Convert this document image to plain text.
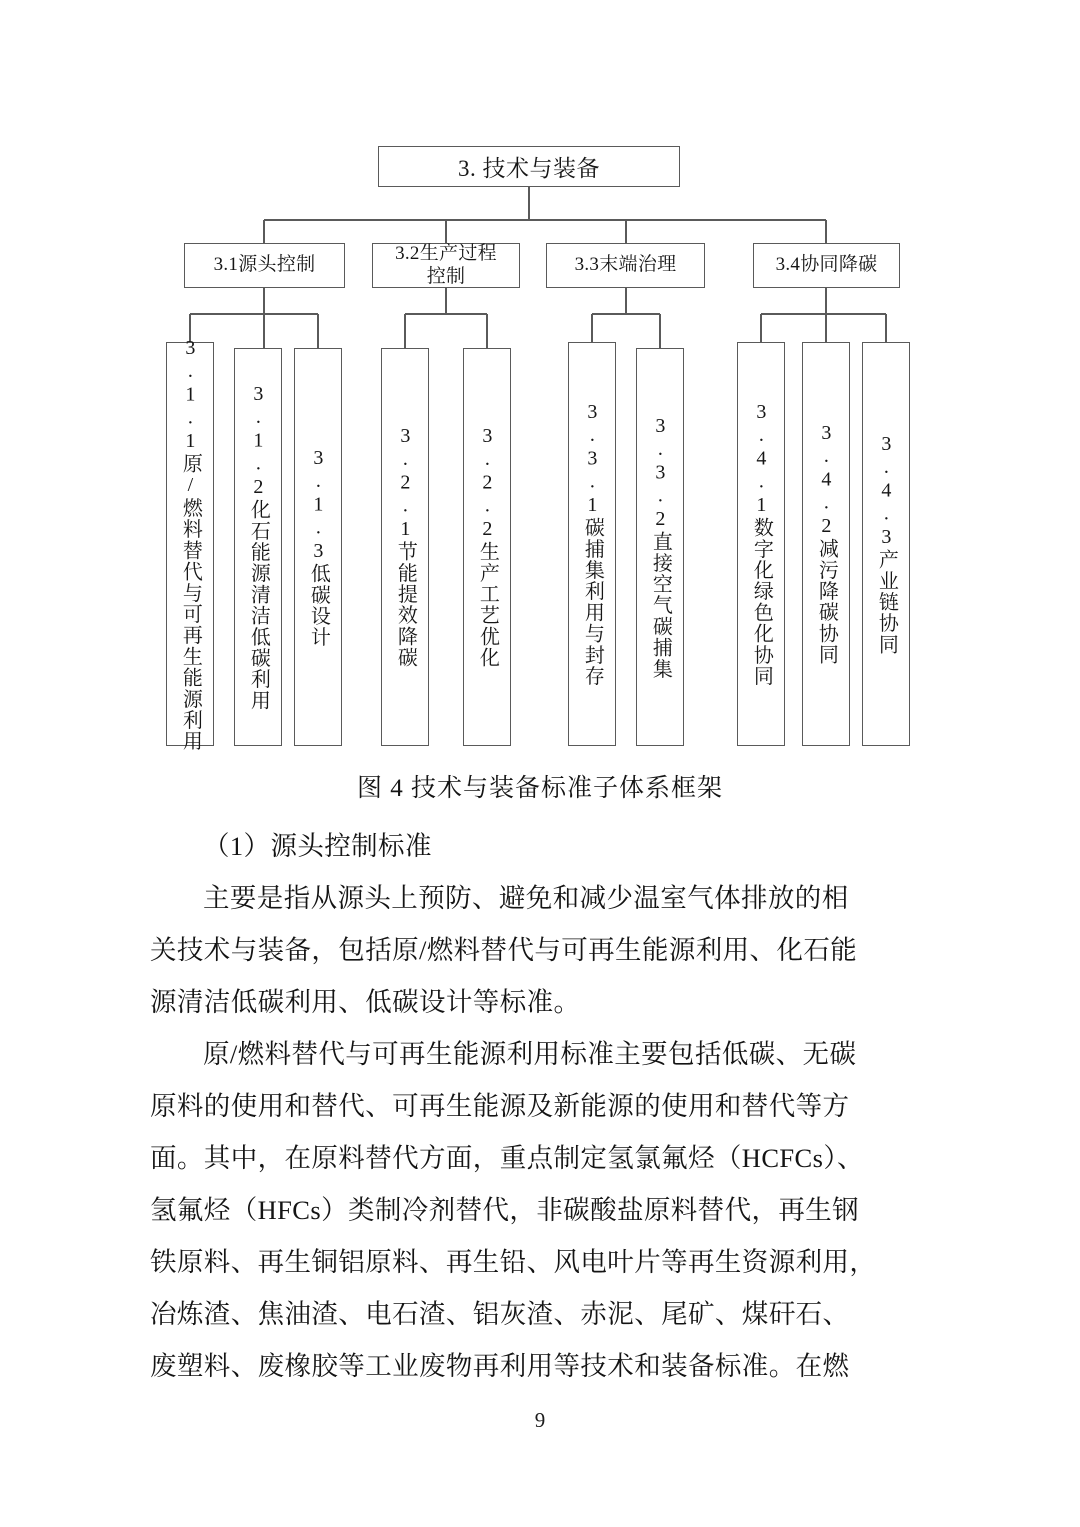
3. 技术与装备
3.1源头控制
3.2生产过程
控制
3.3末端治理	3.4协同降碳
3.1.1原/燃料替代与可再生能源利用 3.1.2化石能源清洁低碳利用 3.1.3低碳设计	3.2.1节能提效降碳	3.2.2生产工艺优化	3.3.1碳捕集利用与封存 3.3.2直接空气碳捕集	3.4.1数字化绿色化协同 3.4.2减污降碳协同 3.4.3产业链协同
图 4 技术与装备标准子体系框架

（1）源头控制标准

主要是指从源头上预防、避免和减少温室气体排放的相
关技术与装备，包括原/燃料替代与可再生能源利用、化石能
源清洁低碳利用、低碳设计等标准。

原/燃料替代与可再生能源利用标准主要包括低碳、无碳
原料的使用和替代、可再生能源及新能源的使用和替代等方
面。其中，在原料替代方面，重点制定氢氯氟烃（HCFCs）、
氢氟烃（HFCs）类制冷剂替代，非碳酸盐原料替代，再生钢
铁原料、再生铜铝原料、再生铅、风电叶片等再生资源利用，
冶炼渣、焦油渣、电石渣、铝灰渣、赤泥、尾矿、煤矸石、
废塑料、废橡胶等工业废物再利用等技术和装备标准。在燃

9
